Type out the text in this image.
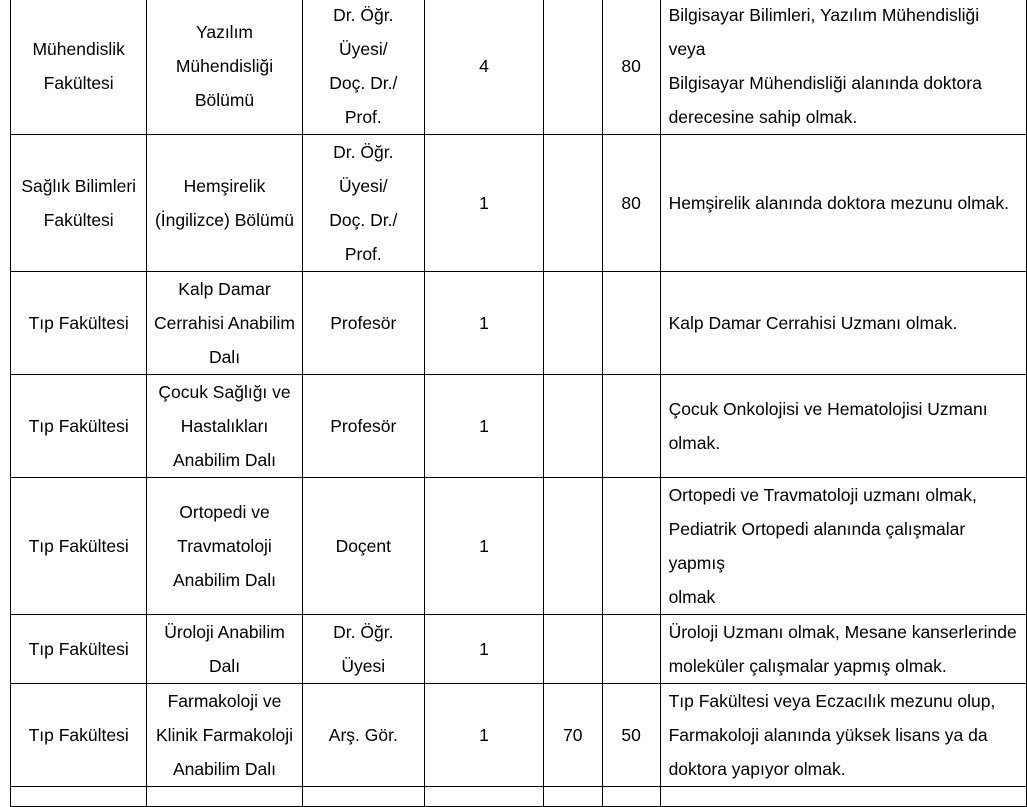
Mühendislik
Fakültesi	Yazılım
Mühendisliği
Bölümü	Dr. Öğr.
Üyesi/
Doç. Dr./
Prof.	4		80	Bilgisayar Bilimleri, Yazılım Mühendisliği veya
Bilgisayar Mühendisliği alanında doktora
derecesine sahip olmak.

Sağlık Bilimleri
Fakültesi	Hemşirelik
(İngilizce) Bölümü	Dr. Öğr.
Üyesi/
Doç. Dr./
Prof.	1		80	Hemşirelik alanında doktora mezunu olmak.

Tıp Fakültesi	Kalp Damar
Cerrahisi Anabilim
Dalı	Profesör	1			Kalp Damar Cerrahisi Uzmanı olmak.

Tıp Fakültesi	Çocuk Sağlığı ve
Hastalıkları
Anabilim Dalı	Profesör	1			Çocuk Onkolojisi ve Hematolojisi Uzmanı
olmak.

Tıp Fakültesi	Ortopedi ve
Travmatoloji
Anabilim Dalı	Doçent	1			Ortopedi ve Travmatoloji uzmanı olmak,
Pediatrik Ortopedi alanında çalışmalar yapmış
olmak

Tıp Fakültesi	Üroloji Anabilim
Dalı	Dr. Öğr.
Üyesi	1			Üroloji Uzmanı olmak, Mesane kanserlerinde
moleküler çalışmalar yapmış olmak.

Tıp Fakültesi	Farmakoloji ve
Klinik Farmakoloji
Anabilim Dalı	Arş. Gör.	1	70	50	Tıp Fakültesi veya Eczacılık mezunu olup,
Farmakoloji alanında yüksek lisans ya da
doktora yapıyor olmak.
